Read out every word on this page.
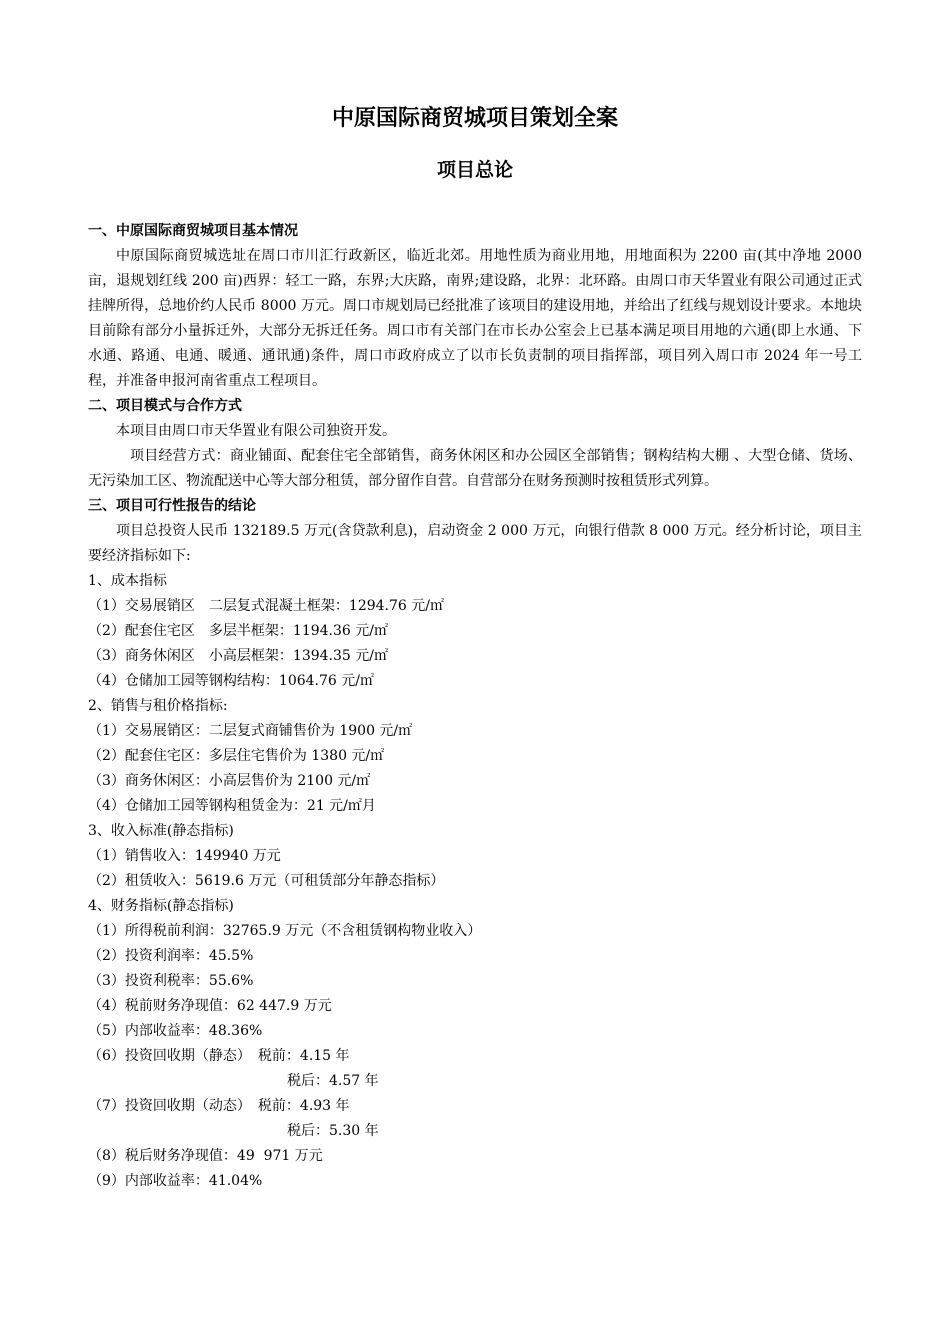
中原国际商贸城项目策划全案
项目总论

一、中原国际商贸城项目基本情况

中原国际商贸城选址在周口市川汇行政新区，临近北郊。用地性质为商业用地，用地面积为 2200 亩(其中净地 2000 亩，退规划红线 200 亩)西界：轻工一路，东界;大庆路，南界;建设路，北界：北环路。由周口市天华置业有限公司通过正式挂牌所得，总地价约人民币 8000 万元。周口市规划局已经批准了该项目的建设用地，并给出了红线与规划设计要求。本地块目前除有部分小量拆迁外，大部分无拆迁任务。周口市有关部门在市长办公室会上已基本满足项目用地的六通(即上水通、下水通、路通、电通、暖通、通讯通)条件，周口市政府成立了以市长负责制的项目指挥部，项目列入周口市 2024 年一号工程，并准备申报河南省重点工程项目。

二、项目模式与合作方式

本项目由周口市天华置业有限公司独资开发。

项目经营方式：商业铺面、配套住宅全部销售，商务休闲区和办公园区全部销售；钢构结构大棚 、大型仓储、货场、无污染加工区、物流配送中心等大部分租赁，部分留作自营。自营部分在财务预测时按租赁形式列算。

三、项目可行性报告的结论

项目总投资人民币 132189.5 万元(含贷款利息)，启动资金 2 000 万元，向银行借款 8 000 万元。经分析讨论，项目主要经济指标如下:

1、成本指标

（1）交易展销区　二层复式混凝土框架：1294.76 元/㎡

（2）配套住宅区　多层半框架：1194.36 元/㎡

（3）商务休闲区　小高层框架：1394.35 元/㎡

（4）仓储加工园等钢构结构：1064.76 元/㎡

2、销售与租价格指标:

（1）交易展销区：二层复式商铺售价为 1900 元/㎡

（2）配套住宅区：多层住宅售价为 1380 元/㎡

（3）商务休闲区：小高层售价为 2100 元/㎡

（4）仓储加工园等钢构租赁金为：21 元/㎡月

3、收入标准(静态指标)

（1）销售收入：149940 万元

（2）租赁收入：5619.6 万元（可租赁部分年静态指标）

4、财务指标(静态指标)

（1）所得税前利润：32765.9 万元（不含租赁钢构物业收入）

（2）投资利润率：45.5%

（3）投资利税率：55.6%

（4）税前财务净现值：62 447.9 万元

（5）内部收益率：48.36%

（6）投资回收期（静态）　税前：4.15 年

税后：4.57 年

（7）投资回收期（动态）　税前：4.93 年

税后：5.30 年

（8）税后财务净现值：49  971 万元

（9）内部收益率：41.04%
